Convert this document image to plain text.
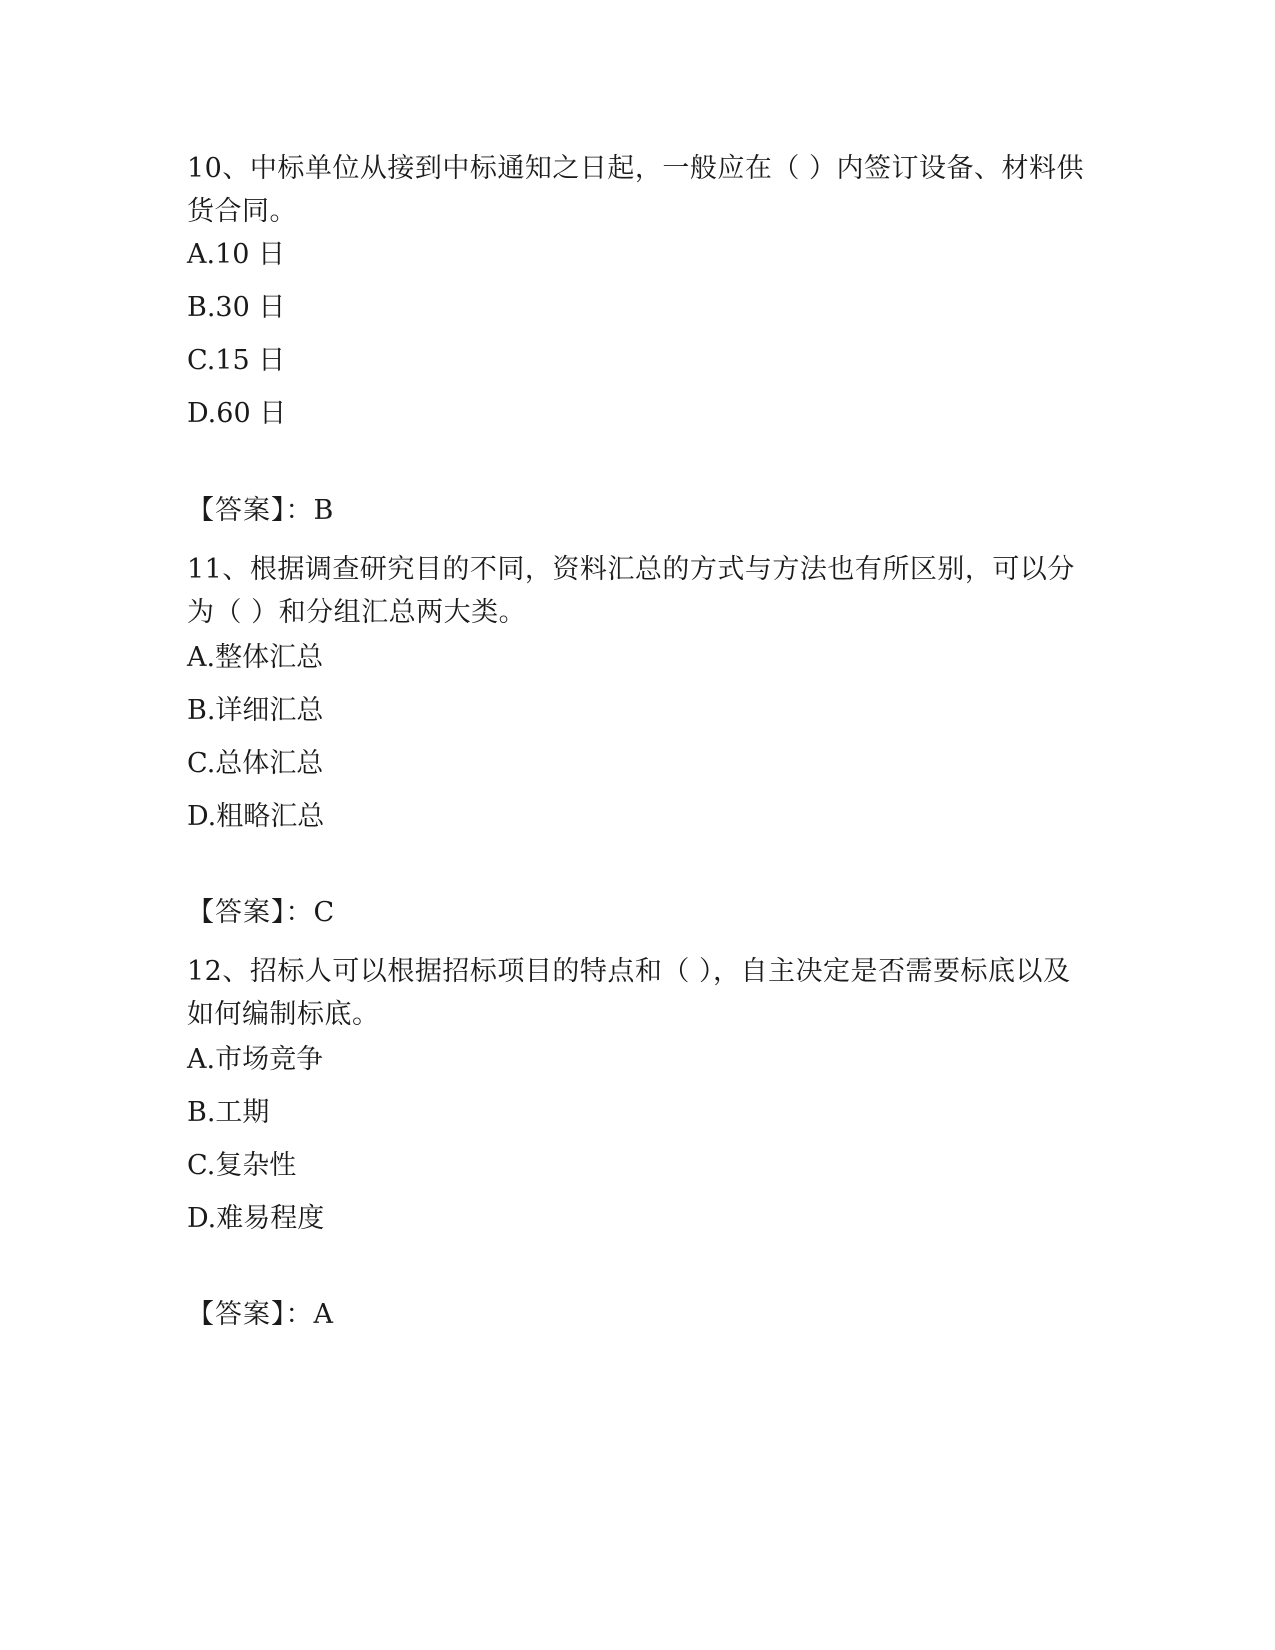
10、中标单位从接到中标通知之日起，一般应在（ ）内签订设备、材料供货合同。

A.10 日

B.30 日

C.15 日

D.60 日

【答案】：B

11、根据调查研究目的不同，资料汇总的方式与方法也有所区别，可以分为（ ）和分组汇总两大类。

A.整体汇总

B.详细汇总

C.总体汇总

D.粗略汇总

【答案】：C

12、招标人可以根据招标项目的特点和（ ），自主决定是否需要标底以及如何编制标底。

A.市场竞争

B.工期

C.复杂性

D.难易程度

【答案】：A
